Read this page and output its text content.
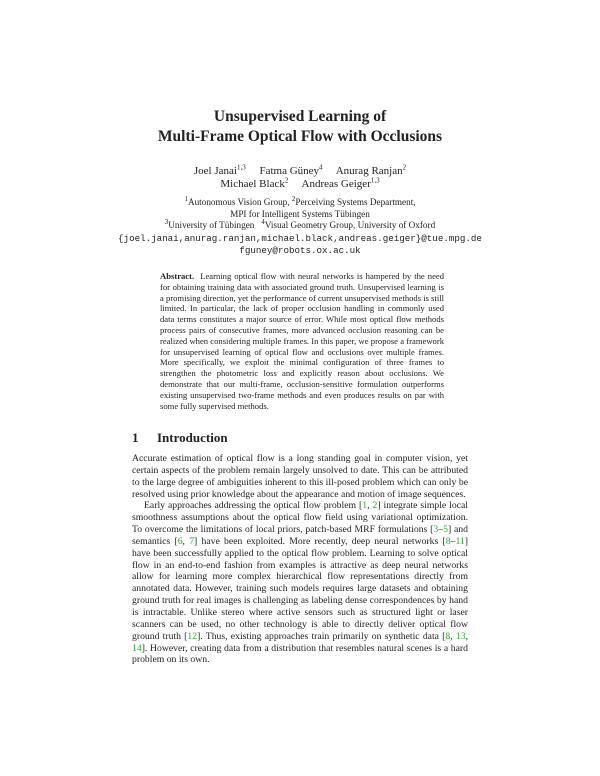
Unsupervised Learning of
Multi-Frame Optical Flow with Occlusions
Joel Janai$^{1,3}$ Fatma Güney$^4$ Anurag Ranjan$^2$
Michael Black$^2$ Andreas Geiger$^{1,3}$
$^1$Autonomous Vision Group, $^2$Perceiving Systems Department,
MPI for Intelligent Systems Tübingen
$^3$University of Tübingen $^4$Visual Geometry Group, University of Oxford
{joel.janai,anurag.ranjan,michael.black,andreas.geiger}@tue.mpg.de
fguney@robots.ox.ac.uk
Abstract. Learning optical flow with neural networks is hampered by the need for obtaining training data with associated ground truth. Unsupervised learning is a promising direction, yet the performance of current unsupervised methods is still limited. In particular, the lack of proper occlusion handling in commonly used data terms constitutes a major source of error. While most optical flow methods process pairs of consecutive frames, more advanced occlusion reasoning can be realized when considering multiple frames. In this paper, we propose a framework for unsupervised learning of optical flow and occlusions over multiple frames. More specifically, we exploit the minimal configuration of three frames to strengthen the photometric loss and explicitly reason about occlusions. We demonstrate that our multi-frame, occlusion-sensitive formulation outperforms existing unsupervised two-frame methods and even produces results on par with some fully supervised methods.
1 Introduction

Accurate estimation of optical flow is a long standing goal in computer vision, yet certain aspects of the problem remain largely unsolved to date. This can be attributed to the large degree of ambiguities inherent to this ill-posed problem which can only be resolved using prior knowledge about the appearance and motion of image sequences.

Early approaches addressing the optical flow problem [1, 2] integrate simple local smoothness assumptions about the optical flow field using variational optimization. To overcome the limitations of local priors, patch-based MRF formulations [3–5] and semantics [6, 7] have been exploited. More recently, deep neural networks [8–11] have been successfully applied to the optical flow problem. Learning to solve optical flow in an end-to-end fashion from examples is attractive as deep neural networks allow for learning more complex hierarchical flow representations directly from annotated data. However, training such models requires large datasets and obtaining ground truth for real images is challenging as labeling dense correspondences by hand is intractable. Unlike stereo where active sensors such as structured light or laser scanners can be used, no other technology is able to directly deliver optical flow ground truth [12]. Thus, existing approaches train primarily on synthetic data [8, 13, 14]. However, creating data from a distribution that resembles natural scenes is a hard problem on its own.
